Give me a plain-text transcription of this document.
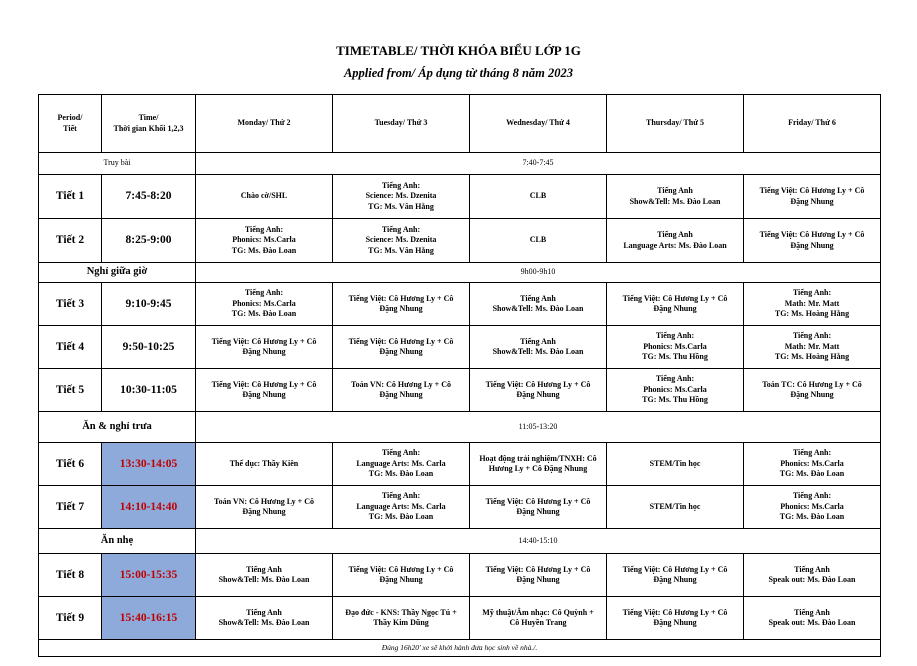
TIMETABLE/ THỜI KHÓA BIỂU LỚP 1G
Applied from/ Áp dụng từ tháng 8 năm 2023
Period/
Tiết	Time/
Thời gian Khối 1,2,3	Monday/ Thứ 2	Tuesday/ Thứ 3	Wednesday/ Thứ 4	Thursday/ Thứ 5	Friday/ Thứ 6
Truy bài		7:40-7:45				
Tiết 1	7:45-8:20	Chào cờ/SHL	Tiếng Anh:
Science: Ms. Dzenita
TG: Ms. Vân Hằng	CLB	Tiếng Anh
Show&Tell: Ms. Đào Loan	Tiếng Việt: Cô Hương Ly + Cô
Đặng Nhung

Tiết 2	8:25-9:00	Tiếng Anh:
Phonics: Ms.Carla
TG: Ms. Đào Loan	Tiếng Anh:
Science: Ms. Dzenita
TG: Ms. Vân Hằng	CLB	Tiếng Anh
Language Arts: Ms. Đào Loan	Tiếng Việt: Cô Hương Ly + Cô
Đặng Nhung

Nghỉ giữa giờ		9h00-9h10				
Tiết 3	9:10-9:45	Tiếng Anh:
Phonics: Ms.Carla
TG: Ms. Đào Loan	Tiếng Việt: Cô Hương Ly + Cô
Đặng Nhung	Tiếng Anh
Show&Tell: Ms. Đào Loan	Tiếng Việt: Cô Hương Ly + Cô
Đặng Nhung	Tiếng Anh:
Math: Mr. Matt
TG: Ms. Hoàng Hằng

Tiết 4	9:50-10:25	Tiếng Việt: Cô Hương Ly + Cô
Đặng Nhung	Tiếng Việt: Cô Hương Ly + Cô
Đặng Nhung	Tiếng Anh
Show&Tell: Ms. Đào Loan	Tiếng Anh:
Phonics: Ms.Carla
TG: Ms. Thu Hồng	Tiếng Anh:
Math: Mr. Matt
TG: Ms. Hoàng Hằng

Tiết 5	10:30-11:05	Tiếng Việt: Cô Hương Ly + Cô
Đặng Nhung	Toán VN: Cô Hương Ly + Cô
Đặng Nhung	Tiếng Việt: Cô Hương Ly + Cô
Đặng Nhung	Tiếng Anh:
Phonics: Ms.Carla
TG: Ms. Thu Hồng	Toán TC: Cô Hương Ly + Cô
Đặng Nhung

Ăn & nghỉ trưa		11:05-13:20				
Tiết 6	13:30-14:05	Thể dục: Thầy Kiên	Tiếng Anh:
Language Arts: Ms. Carla
TG: Ms. Đào Loan	Hoạt động trải nghiệm/TNXH: Cô
Hương Ly + Cô Đặng Nhung	STEM/Tin học	Tiếng Anh:
Phonics: Ms.Carla
TG: Ms. Đào Loan

Tiết 7	14:10-14:40	Toán VN: Cô Hương Ly + Cô
Đặng Nhung	Tiếng Anh:
Language Arts: Ms. Carla
TG: Ms. Đào Loan	Tiếng Việt: Cô Hương Ly + Cô
Đặng Nhung	STEM/Tin học	Tiếng Anh:
Phonics: Ms.Carla
TG: Ms. Đào Loan

Ăn nhẹ		14:40-15:10				
Tiết 8	15:00-15:35	Tiếng Anh
Show&Tell: Ms. Đào Loan	Tiếng Việt: Cô Hương Ly + Cô
Đặng Nhung	Tiếng Việt: Cô Hương Ly + Cô
Đặng Nhung	Tiếng Việt: Cô Hương Ly + Cô
Đặng Nhung	Tiếng Anh
Speak out: Ms. Đào Loan

Tiết 9	15:40-16:15	Tiếng Anh
Show&Tell: Ms. Đào Loan	Đạo đức - KNS: Thầy Ngọc Tú +
Thầy Kim Dũng	Mỹ thuật/Âm nhạc: Cô Quỳnh +
Cô Huyền Trang	Tiếng Việt: Cô Hương Ly + Cô
Đặng Nhung	Tiếng Anh
Speak out: Ms. Đào Loan

Đúng 16h20' xe sẽ khởi hành đưa học sinh về nhà./.						
